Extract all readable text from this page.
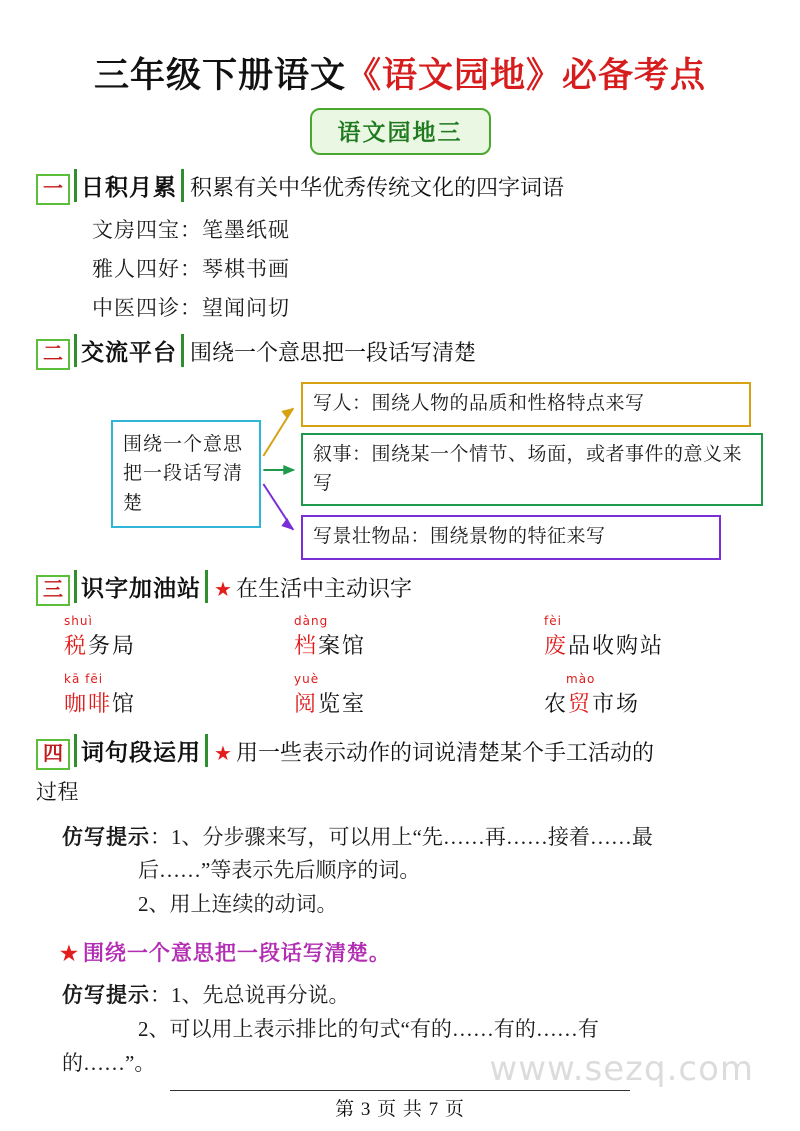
三年级下册语文《语文园地》必备考点
语文园地三
一 日积月累 积累有关中华优秀传统文化的四字词语
文房四宝：笔墨纸砚
雅人四好：琴棋书画
中医四诊：望闻问切
二 交流平台 围绕一个意思把一段话写清楚
围绕一个意思把一段话写清楚
写人：围绕人物的品质和性格特点来写
叙事：围绕某一个情节、场面，或者事件的意义来写
写景壮物品：围绕景物的特征来写
三 识字加油站 ★ 在生活中主动识字
shuì
税务局
dàng
档案馆
fèi
废品收购站
kā fēi
咖啡馆
yuè
阅览室
mào
农贸市场
四 词句段运用 ★ 用一些表示动作的词说清楚某个手工活动的
过程
仿写提示：1、分步骤来写，可以用上“先……再……接着……最
后……”等表示先后顺序的词。
2、用上连续的动词。
★ 围绕一个意思把一段话写清楚。
仿写提示：1、先总说再分说。
2、可以用上表示排比的句式“有的……有的……有
的……”。	www.sezq.com
第 3 页 共 7 页
